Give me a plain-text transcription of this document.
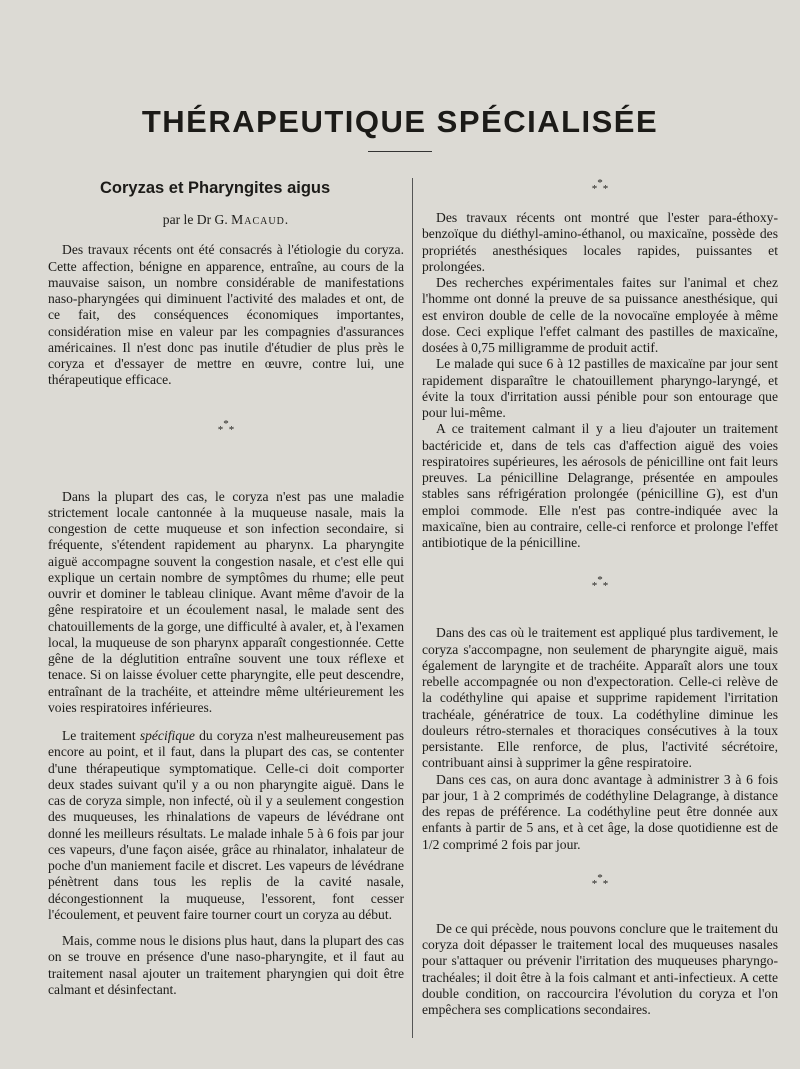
THÉRAPEUTIQUE SPÉCIALISÉE
Coryzas et Pharyngites aigus
par le Dr G. Macaud.

Des travaux récents ont été consacrés à l'étiologie du coryza. Cette affection, bénigne en apparence, entraîne, au cours de la mauvaise saison, un nombre considérable de manifestations naso-pharyngées qui diminuent l'activité des malades et ont, de ce fait, des conséquences économiques importantes, considération mise en valeur par les compagnies d'assurances américaines. Il n'est donc pas inutile d'étudier de plus près le coryza et d'essayer de mettre en œuvre, contre lui, une thérapeutique efficace.

*
* *

Dans la plupart des cas, le coryza n'est pas une maladie strictement locale cantonnée à la muqueuse nasale, mais la congestion de cette muqueuse et son infection secondaire, si fréquente, s'étendent rapidement au pharynx. La pharyngite aiguë accompagne souvent la congestion nasale, et c'est elle qui explique un certain nombre de symptômes du rhume; elle peut ouvrir et dominer le tableau clinique. Avant même d'avoir de la gêne respiratoire et un écoulement nasal, le malade sent des chatouillements de la gorge, une difficulté à avaler, et, à l'examen local, la muqueuse de son pharynx apparaît congestionnée. Cette gêne de la déglutition entraîne souvent une toux réflexe et tenace. Si on laisse évoluer cette pharyngite, elle peut descendre, entraînant de la trachéite, et atteindre même ultérieurement les voies respiratoires inférieures.

Le traitement spécifique du coryza n'est malheureusement pas encore au point, et il faut, dans la plupart des cas, se contenter d'une thérapeutique symptomatique. Celle-ci doit comporter deux stades suivant qu'il y a ou non pharyngite aiguë. Dans le cas de coryza simple, non infecté, où il y a seulement congestion des muqueuses, les rhinalations de vapeurs de lévédrane ont donné les meilleurs résultats. Le malade inhale 5 à 6 fois par jour ces vapeurs, d'une façon aisée, grâce au rhinalator, inhalateur de poche d'un maniement facile et discret. Les vapeurs de lévédrane pénètrent dans tous les replis de la cavité nasale, décongestionnent la muqueuse, l'essorent, font cesser l'écoulement, et peuvent faire tourner court un coryza au début.

Mais, comme nous le disions plus haut, dans la plupart des cas on se trouve en présence d'une naso-pharyngite, et il faut au traitement nasal ajouter un traitement pharyngien qui doit être calmant et désinfectant.

*
* *

Des travaux récents ont montré que l'ester para-éthoxy-benzoïque du diéthyl-amino-éthanol, ou maxicaïne, possède des propriétés anesthésiques locales rapides, puissantes et prolongées.

Des recherches expérimentales faites sur l'animal et chez l'homme ont donné la preuve de sa puissance anesthésique, qui est environ double de celle de la novocaïne employée à même dose. Ceci explique l'effet calmant des pastilles de maxicaïne, dosées à 0,75 milligramme de produit actif.

Le malade qui suce 6 à 12 pastilles de maxicaïne par jour sent rapidement disparaître le chatouillement pharyngo-laryngé, et évite la toux d'irritation aussi pénible pour son entourage que pour lui-même.

A ce traitement calmant il y a lieu d'ajouter un traitement bactéricide et, dans de tels cas d'affection aiguë des voies respiratoires supérieures, les aérosols de pénicilline ont fait leurs preuves. La pénicilline Delagrange, présentée en ampoules stables sans réfrigération prolongée (pénicilline G), est d'un emploi commode. Elle n'est pas contre-indiquée avec la maxicaïne, bien au contraire, celle-ci renforce et prolonge l'effet antibiotique de la pénicilline.

*
* *

Dans des cas où le traitement est appliqué plus tardivement, le coryza s'accompagne, non seulement de pharyngite aiguë, mais également de laryngite et de trachéite. Apparaît alors une toux rebelle accompagnée ou non d'expectoration. Celle-ci relève de la codéthyline qui apaise et supprime rapidement l'irritation trachéale, génératrice de toux. La codéthyline diminue les douleurs rétro-sternales et thoraciques consécutives à la toux persistante. Elle renforce, de plus, l'activité sécrétoire, contribuant ainsi à supprimer la gêne respiratoire.

Dans ces cas, on aura donc avantage à administrer 3 à 6 fois par jour, 1 à 2 comprimés de codéthyline Delagrange, à distance des repas de préférence. La codéthyline peut être donnée aux enfants à partir de 5 ans, et à cet âge, la dose quotidienne est de 1/2 comprimé 2 fois par jour.

*
* *

De ce qui précède, nous pouvons conclure que le traitement du coryza doit dépasser le traitement local des muqueuses nasales pour s'attaquer ou prévenir l'irritation des muqueuses pharyngo-trachéales; il doit être à la fois calmant et anti-infectieux. A cette double condition, on raccourcira l'évolution du coryza et l'on empêchera ses complications secondaires.
